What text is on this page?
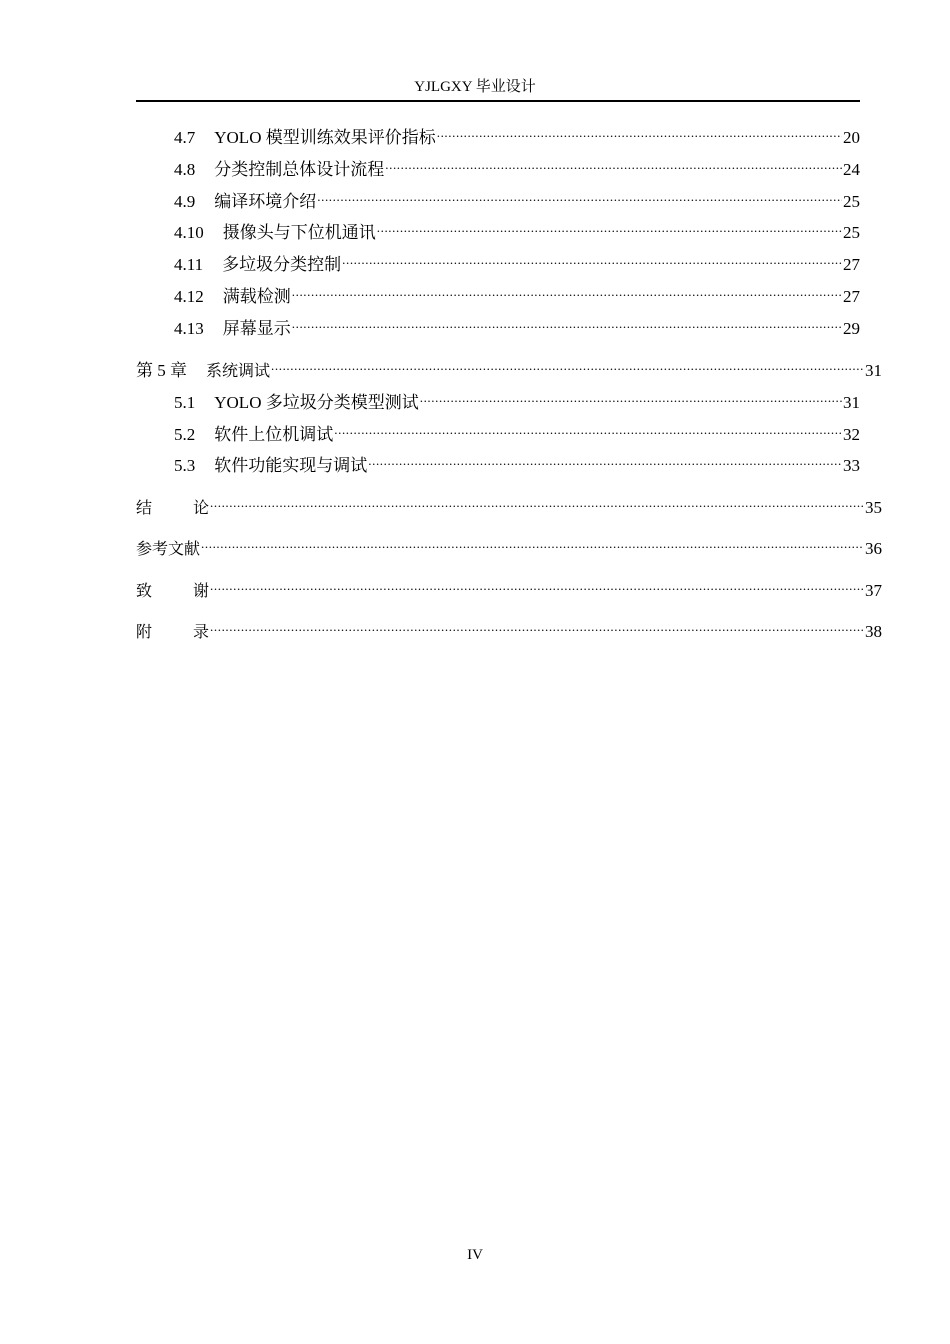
YJLGXY 毕业设计
4.7 YOLO 模型训练效果评价指标 .....	20
4.8 分类控制总体设计流程 .....	24
4.9 编译环境介绍 .....	25
4.10 摄像头与下位机通讯 .....	25
4.11 多垃圾分类控制 .....	27
4.12 满载检测 .....	27
4.13 屏幕显示 .....	29
第 5 章 系统调试 .....	31
5.1 YOLO 多垃圾分类模型测试 .....	31
5.2 软件上位机调试 .....	32
5.3 软件功能实现与调试 .....	33
结	论 .....	35
参考文献 .....	36
致	谢 .....	37
附	录 .....	38
IV
